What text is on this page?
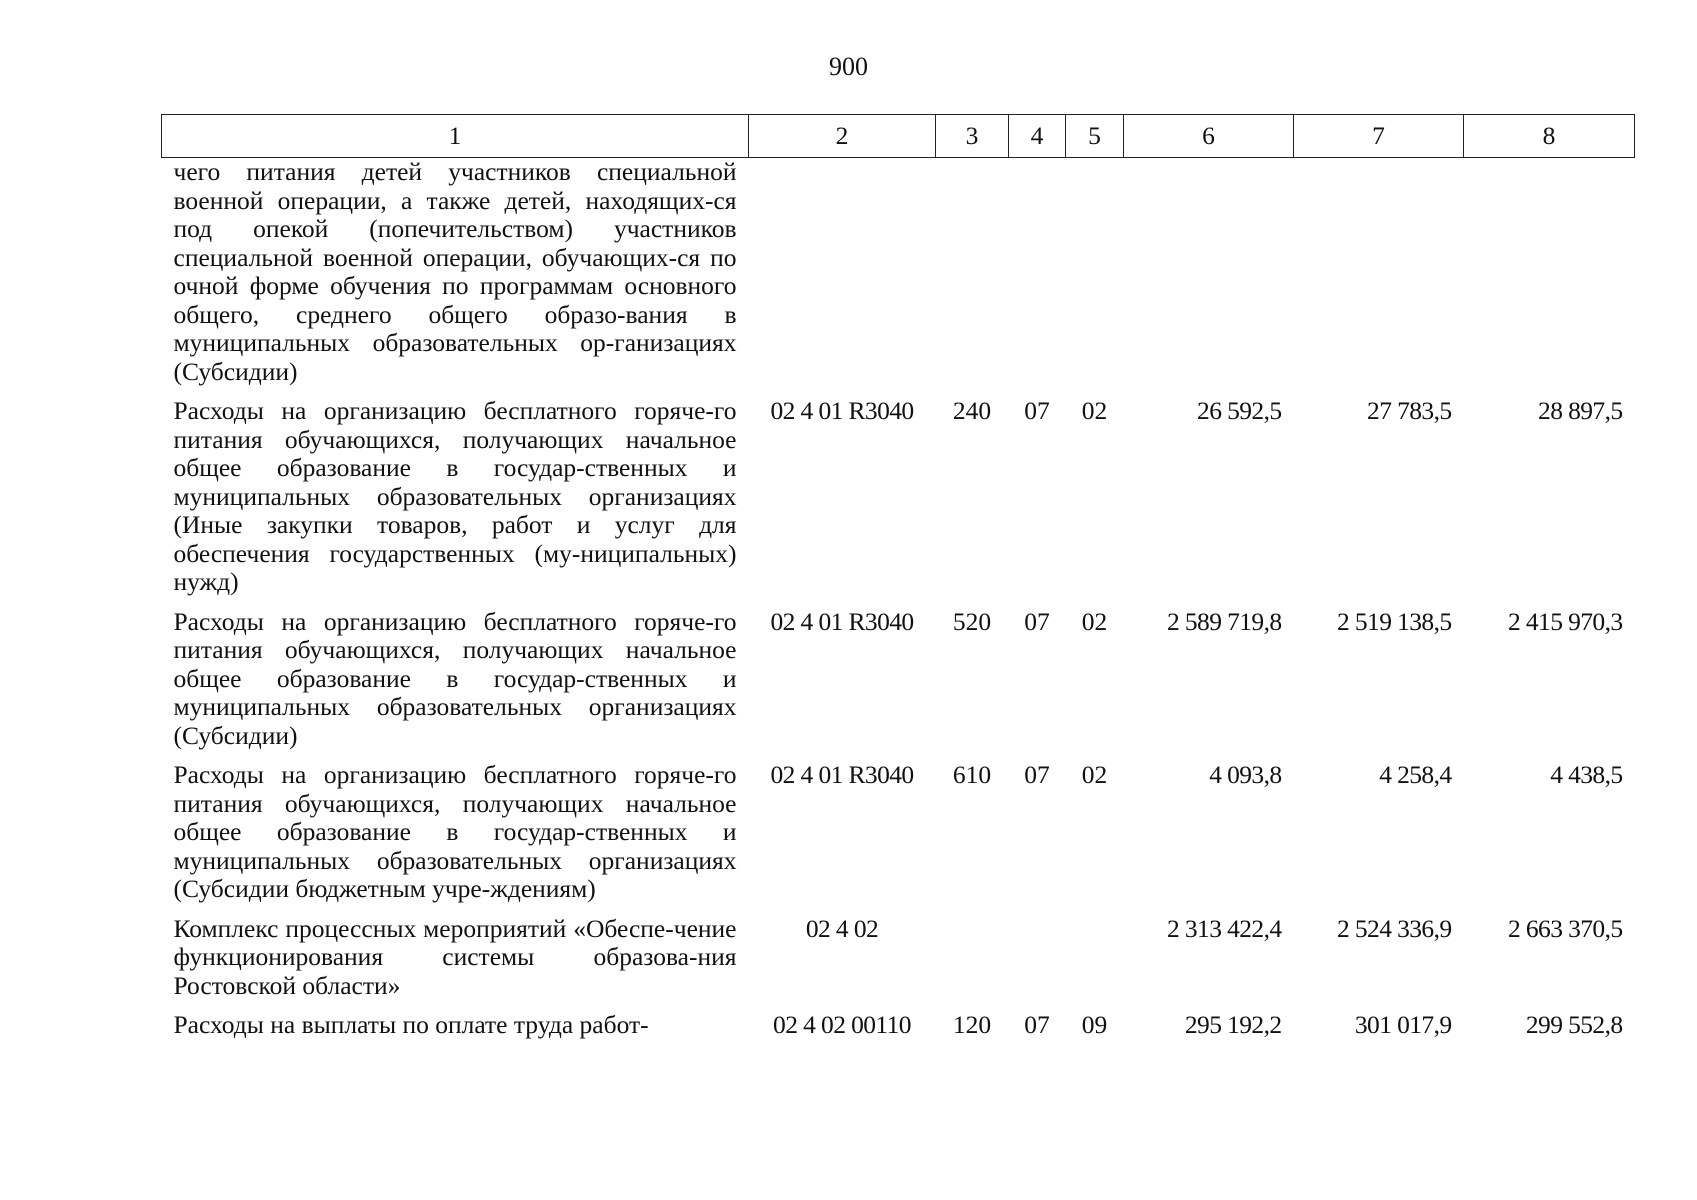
900
1	2	3	4	5	6	7	8
чего питания детей участников специальной военной операции, а также детей, находящих-ся под опекой (попечительством) участников специальной военной операции, обучающих-ся по очной форме обучения по программам основного общего, среднего общего образо-вания в муниципальных образовательных ор-ганизациях (Субсидии)							
Расходы на организацию бесплатного горяче-го питания обучающихся, получающих начальное общее образование в государ-ственных и муниципальных образовательных организациях (Иные закупки товаров, работ и услуг для обеспечения государственных (му-ниципальных) нужд)	02 4 01 R3040	240	07	02	26 592,5	27 783,5	28 897,5
Расходы на организацию бесплатного горяче-го питания обучающихся, получающих начальное общее образование в государ-ственных и муниципальных образовательных организациях (Субсидии)	02 4 01 R3040	520	07	02	2 589 719,8	2 519 138,5	2 415 970,3
Расходы на организацию бесплатного горяче-го питания обучающихся, получающих начальное общее образование в государ-ственных и муниципальных образовательных организациях (Субсидии бюджетным учре-ждениям)	02 4 01 R3040	610	07	02	4 093,8	4 258,4	4 438,5
Комплекс процессных мероприятий «Обеспе-чение функционирования системы образова-ния Ростовской области»	02 4 02				2 313 422,4	2 524 336,9	2 663 370,5
Расходы на выплаты по оплате труда работ-	02 4 02 00110	120	07	09	295 192,2	301 017,9	299 552,8
